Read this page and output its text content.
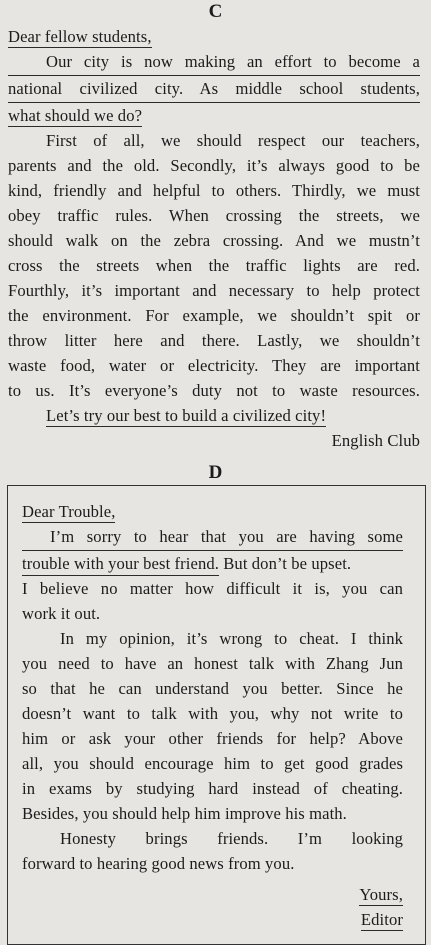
C
Dear fellow students,
Our city is now making an effort to become a
national civilized city. As middle school students,
what should we do?
First of all, we should respect our teachers,
parents and the old. Secondly, it’s always good to be
kind, friendly and helpful to others. Thirdly, we must
obey traffic rules. When crossing the streets, we
should walk on the zebra crossing. And we mustn’t
cross the streets when the traffic lights are red.
Fourthly, it’s important and necessary to help protect
the environment. For example, we shouldn’t spit or
throw litter here and there. Lastly, we shouldn’t
waste food, water or electricity. They are important
to us. It’s everyone’s duty not to waste resources.
Let’s try our best to build a civilized city!
English Club
D
Dear Trouble,
I’m sorry to hear that you are having some
trouble with your best friend. But don’t be upset.
I believe no matter how difficult it is, you can
work it out.
In my opinion, it’s wrong to cheat. I think
you need to have an honest talk with Zhang Jun
so that he can understand you better. Since he
doesn’t want to talk with you, why not write to
him or ask your other friends for help? Above
all, you should encourage him to get good grades
in exams by studying hard instead of cheating.
Besides, you should help him improve his math.
Honesty brings friends. I’m looking
forward to hearing good news from you.
Yours,
Editor
